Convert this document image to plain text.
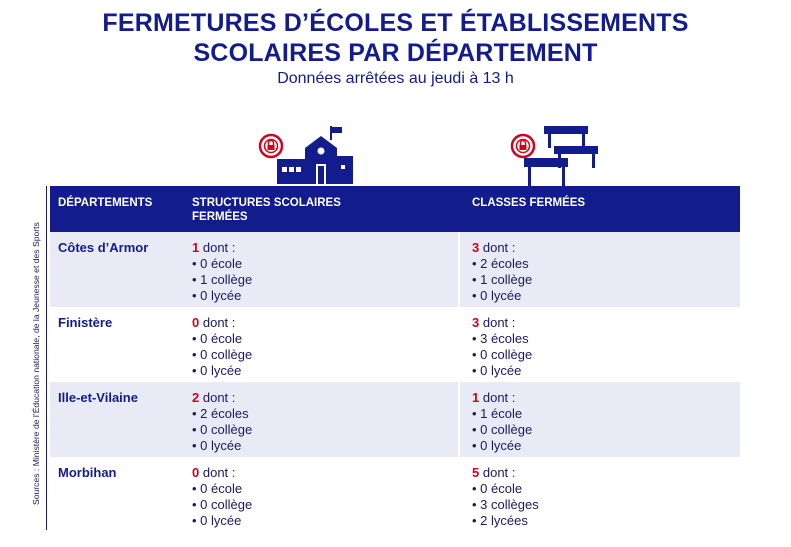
FERMETURES D’ÉCOLES ET ÉTABLISSEMENTS
SCOLAIRES PAR DÉPARTEMENT
Données arrêtées au jeudi à 13 h
Sources : Ministère de l’Éducation nationale, de la Jeunesse et des Sports
DÉPARTEMENTS	STRUCTURES SCOLAIRES FERMÉES
CLASSES FERMÉES
Côtes d’Armor	1 dont :
• 0 école
• 1 collège
• 0 lycée
3 dont :
• 2 écoles
• 1 collège
• 0 lycée
Finistère	0 dont :
• 0 école
• 0 collège
• 0 lycée
3 dont :
• 3 écoles
• 0 collège
• 0 lycée
Ille-et-Vilaine	2 dont :
• 2 écoles
• 0 collège
• 0 lycée
1 dont :
• 1 école
• 0 collège
• 0 lycée
Morbihan	0 dont :
• 0 école
• 0 collège
• 0 lycée
5 dont :
• 0 école
• 3 collèges
• 2 lycées
